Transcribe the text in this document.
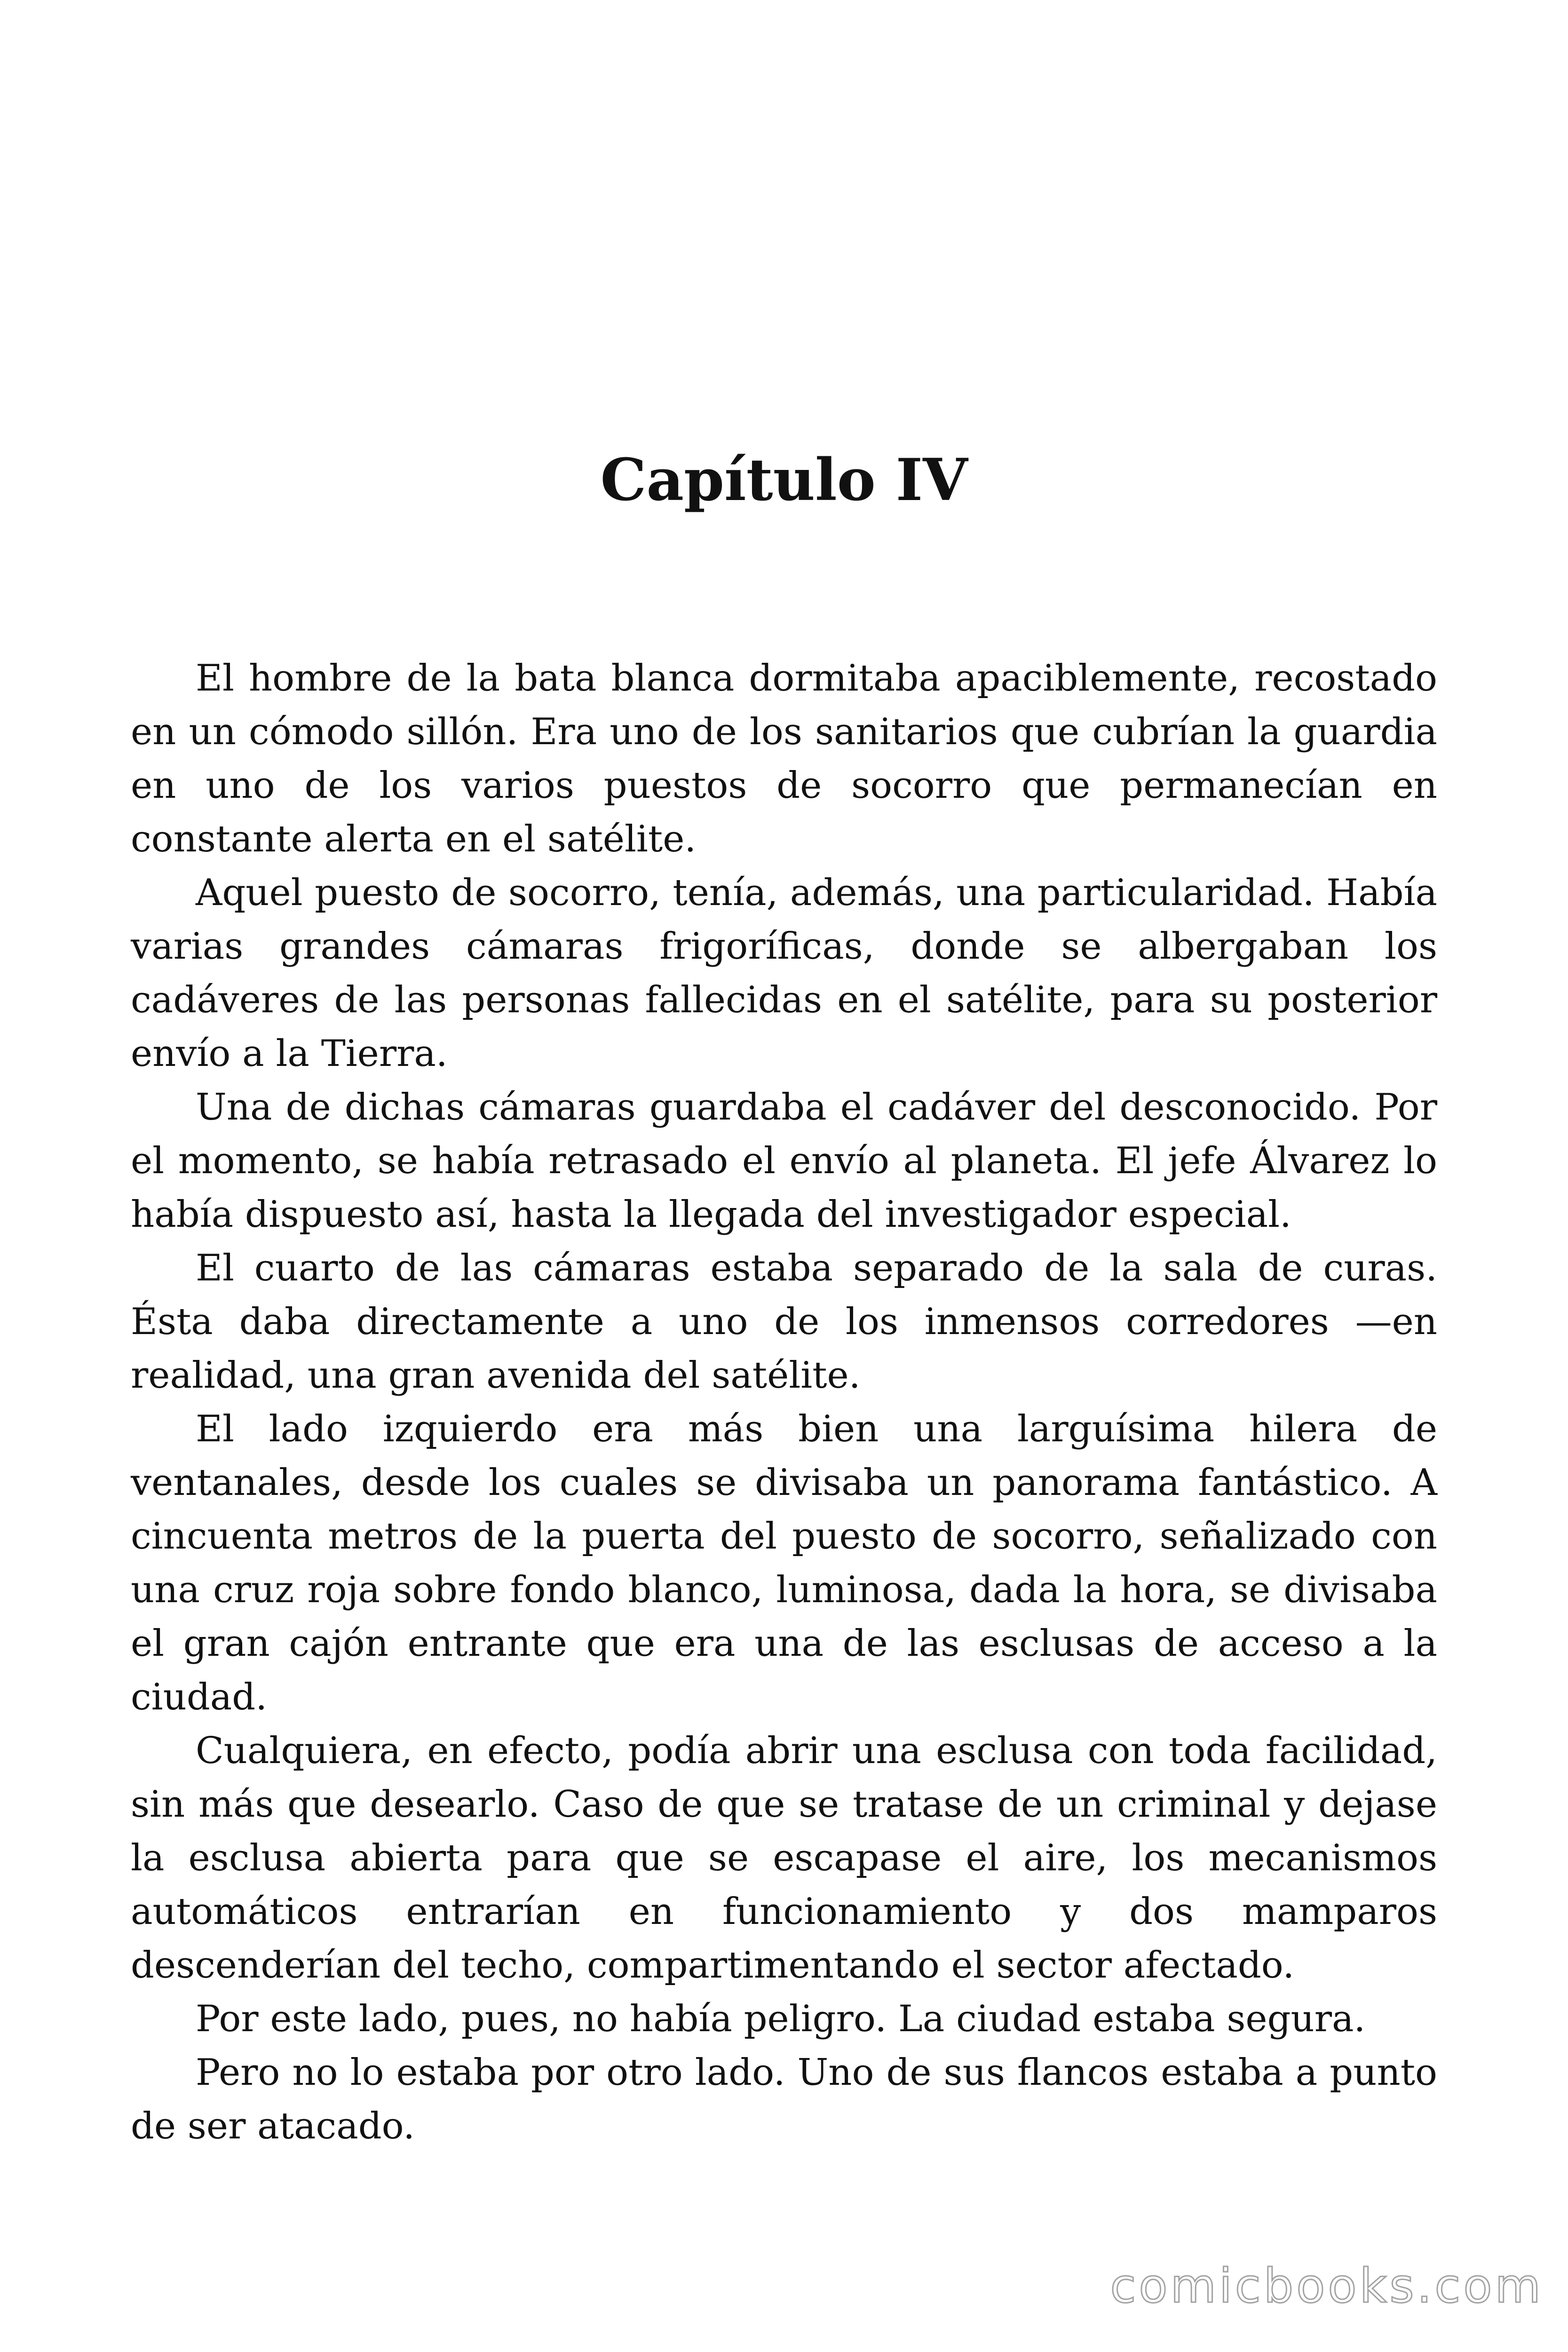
Capítulo IV

El hombre de la bata blanca dormitaba apaciblemente, recostado en un cómodo sillón. Era uno de los sanitarios que cubrían la guardia en uno de los varios puestos de socorro que permanecían en constante alerta en el satélite.

Aquel puesto de socorro, tenía, además, una particularidad. Había varias grandes cámaras frigoríficas, donde se albergaban los cadáveres de las personas fallecidas en el satélite, para su posterior envío a la Tierra.

Una de dichas cámaras guardaba el cadáver del desconocido. Por el momento, se había retrasado el envío al planeta. El jefe Álvarez lo había dispuesto así, hasta la llegada del investigador especial.

El cuarto de las cámaras estaba separado de la sala de curas. Ésta daba directamente a uno de los inmensos corredores —en realidad, una gran avenida del satélite.

El lado izquierdo era más bien una larguísima hilera de ventanales, desde los cuales se divisaba un panorama fantástico. A cincuenta metros de la puerta del puesto de socorro, señalizado con una cruz roja sobre fondo blanco, luminosa, dada la hora, se divisaba el gran cajón entrante que era una de las esclusas de acceso a la ciudad.

Cualquiera, en efecto, podía abrir una esclusa con toda facilidad, sin más que desearlo. Caso de que se tratase de un criminal y dejase la esclusa abierta para que se escapase el aire, los mecanismos automáticos entrarían en funcionamiento y dos mamparos descenderían del techo, compartimentando el sector afectado.

Por este lado, pues, no había peligro. La ciudad estaba segura.

Pero no lo estaba por otro lado. Uno de sus flancos estaba a punto de ser atacado.

comicbooks.com
